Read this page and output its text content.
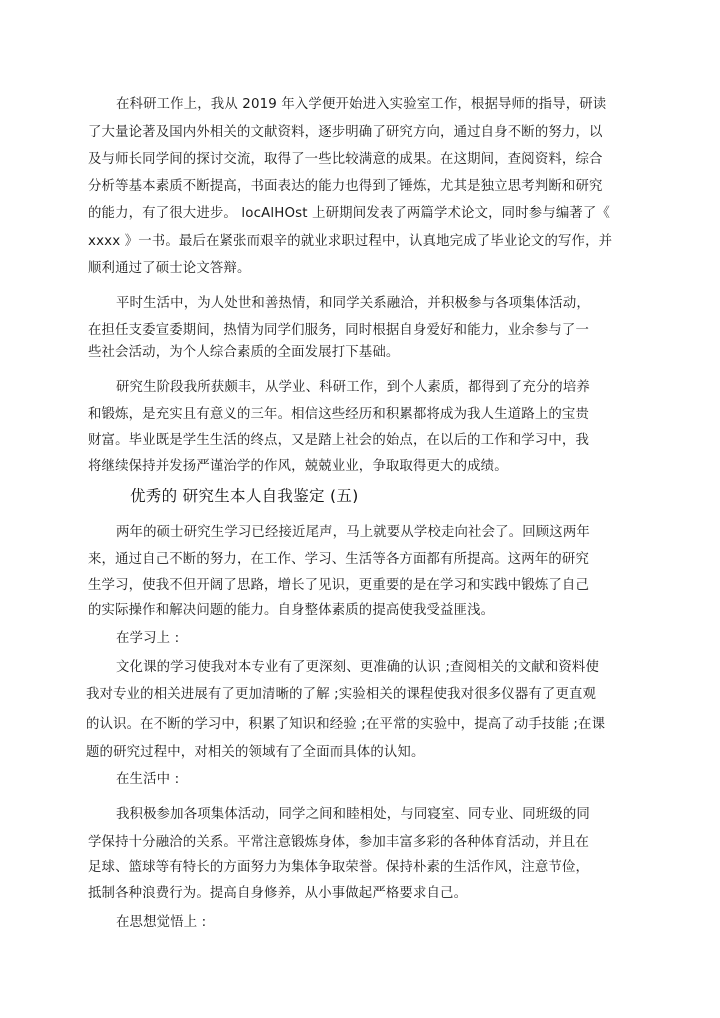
在科研工作上，我从 2019 年入学便开始进入实验室工作，根据导师的指导，研读
了大量论著及国内外相关的文献资料，逐步明确了研究方向，通过自身不断的努力，以
及与师长同学间的探讨交流，取得了一些比较满意的成果。在这期间，查阅资料，综合
分析等基本素质不断提高，书面表达的能力也得到了锤炼，尤其是独立思考判断和研究
的能力，有了很大进步。 locAlHOst 上研期间发表了两篇学术论文，同时参与编著了《
xxxx 》一书。最后在紧张而艰辛的就业求职过程中，认真地完成了毕业论文的写作，并
顺利通过了硕士论文答辩。
平时生活中，为人处世和善热情，和同学关系融洽，并积极参与各项集体活动，
在担任支委宣委期间，热情为同学们服务，同时根据自身爱好和能力，业余参与了一
些社会活动，为个人综合素质的全面发展打下基础。
研究生阶段我所获颇丰，从学业、科研工作，到个人素质，都得到了充分的培养
和锻炼，是充实且有意义的三年。相信这些经历和积累都将成为我人生道路上的宝贵
财富。毕业既是学生生活的终点，又是踏上社会的始点，在以后的工作和学习中，我
将继续保持并发扬严谨治学的作风，兢兢业业，争取取得更大的成绩。
优秀的 研究生本人自我鉴定 (五)
两年的硕士研究生学习已经接近尾声，马上就要从学校走向社会了。回顾这两年
来，通过自己不断的努力，在工作、学习、生活等各方面都有所提高。这两年的研究
生学习，使我不但开阔了思路，增长了见识，更重要的是在学习和实践中锻炼了自己
的实际操作和解决问题的能力。自身整体素质的提高使我受益匪浅。
在学习上 :
文化课的学习使我对本专业有了更深刻、更准确的认识 ;查阅相关的文献和资料使
我对专业的相关进展有了更加清晰的了解 ;实验相关的课程使我对很多仪器有了更直观
的认识。在不断的学习中，积累了知识和经验 ;在平常的实验中，提高了动手技能 ;在课
题的研究过程中，对相关的领域有了全面而具体的认知。
在生活中 :
我积极参加各项集体活动，同学之间和睦相处，与同寝室、同专业、同班级的同
学保持十分融洽的关系。平常注意锻炼身体，参加丰富多彩的各种体育活动，并且在
足球、篮球等有特长的方面努力为集体争取荣誉。保持朴素的生活作风，注意节俭，
抵制各种浪费行为。提高自身修养，从小事做起严格要求自己。
在思想觉悟上 :
